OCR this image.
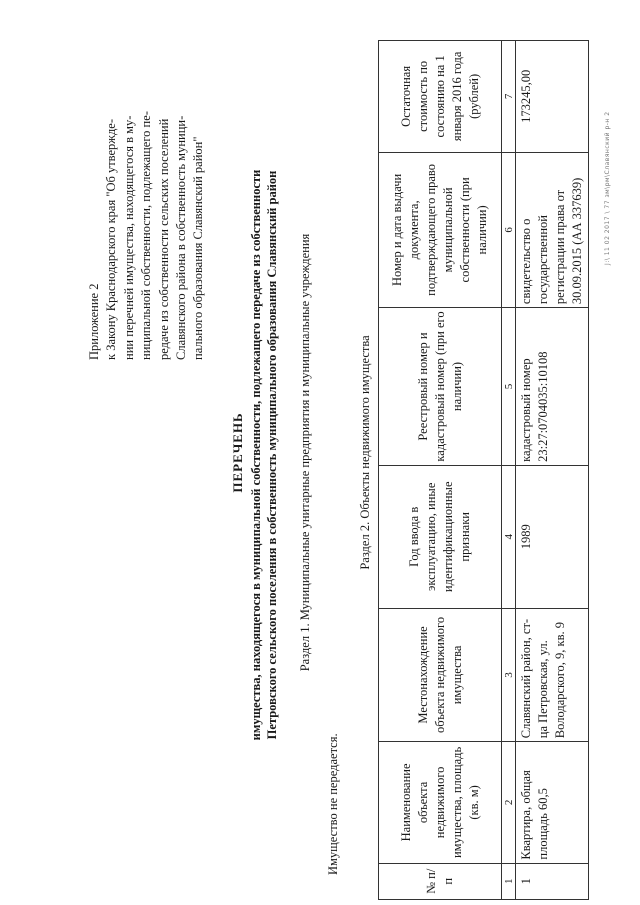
Приложение 2 к Закону Краснодарского края "Об утвержде- нии перечней имущества, находящегося в му- ниципальной собственности, подлежащего пе- редаче из собственности сельских поселений Славянского района в собственность муници- пального образования Славянский район"
ПЕРЕЧЕНЬ имущества, находящегося в муниципальной собственности, подлежащего передаче из собственности Петровского сельского поселения в собственность муниципального образования Славянский район Раздел 1. Муниципальные унитарные предприятия и муниципальные учреждения
Имущество не передается.
Раздел 2. Объекты недвижимого имущества
№ п/п	Наименование объекта недвижимого имущества, площадь (кв. м)	Местонахождение объекта недвижимого имущества	Год ввода в эксплуатацию, иные идентификационные признаки	Реестровый номер и кадастровый номер (при его наличии)	Номер и дата выдачи документа, подтверждающего право муниципальной собственности (при наличии)	Остаточная стоимость по состоянию на 1 января 2016 года (рублей)
1	2	3	4	5	6	7
1	Квартира, общая площадь 60,5	Славянский район, ст-ца Петровская, ул. Володарского, 9, кв. 9	1989	кадастровый номер 23:27:0704035:10108	свидетельство о государственной регистрации права от 30.09.2015 (АА 337639)	173245,00
J:\ 11 02 2017 \ 77 зм\рм\Славянский р-н 2
